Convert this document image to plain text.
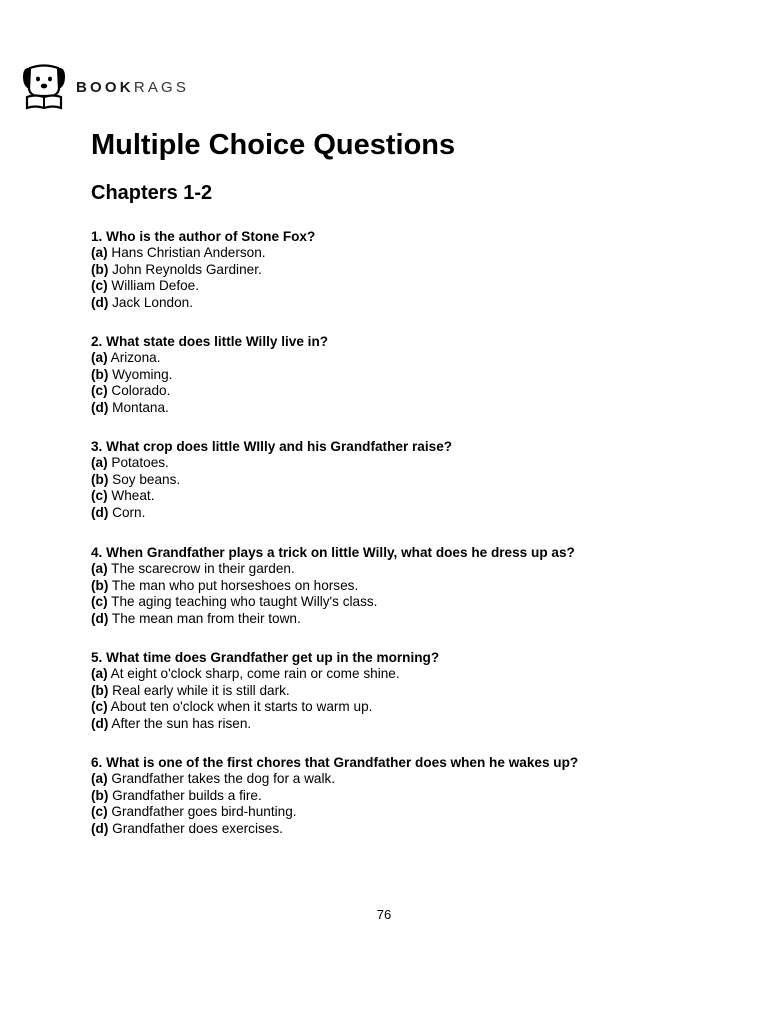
BOOKRAGS
Multiple Choice Questions
Chapters 1-2
1. Who is the author of Stone Fox?
(a) Hans Christian Anderson.
(b) John Reynolds Gardiner.
(c) William Defoe.
(d) Jack London.
2. What state does little Willy live in?
(a) Arizona.
(b) Wyoming.
(c) Colorado.
(d) Montana.
3. What crop does little WIlly and his Grandfather raise?
(a) Potatoes.
(b) Soy beans.
(c) Wheat.
(d) Corn.
4. When Grandfather plays a trick on little Willy, what does he dress up as?
(a) The scarecrow in their garden.
(b) The man who put horseshoes on horses.
(c) The aging teaching who taught Willy's class.
(d) The mean man from their town.
5. What time does Grandfather get up in the morning?
(a) At eight o'clock sharp, come rain or come shine.
(b) Real early while it is still dark.
(c) About ten o'clock when it starts to warm up.
(d) After the sun has risen.
6. What is one of the first chores that Grandfather does when he wakes up?
(a) Grandfather takes the dog for a walk.
(b) Grandfather builds a fire.
(c) Grandfather goes bird-hunting.
(d) Grandfather does exercises.
76
